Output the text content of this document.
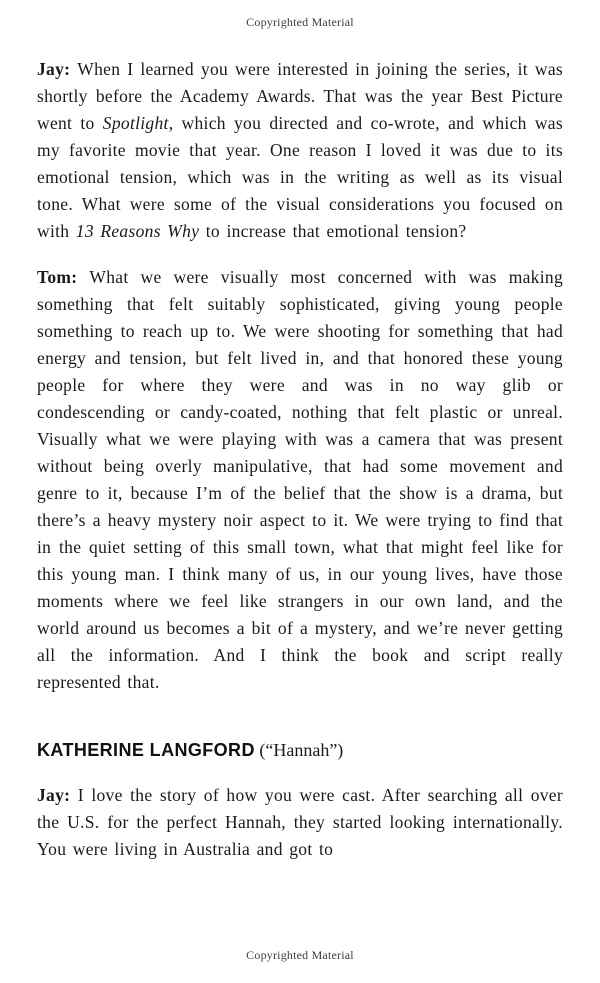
Copyrighted Material

Jay: When I learned you were interested in joining the series, it was shortly before the Academy Awards. That was the year Best Picture went to Spotlight, which you directed and co-wrote, and which was my favorite movie that year. One reason I loved it was due to its emotional tension, which was in the writing as well as its visual tone. What were some of the visual considerations you focused on with 13 Reasons Why to increase that emotional tension?

Tom: What we were visually most concerned with was making something that felt suitably sophisticated, giving young people something to reach up to. We were shooting for something that had energy and tension, but felt lived in, and that honored these young people for where they were and was in no way glib or condescending or candy-coated, nothing that felt plastic or unreal. Visually what we were playing with was a camera that was present without being overly manipulative, that had some movement and genre to it, because I’m of the belief that the show is a drama, but there’s a heavy mystery noir aspect to it. We were trying to find that in the quiet setting of this small town, what that might feel like for this young man. I think many of us, in our young lives, have those moments where we feel like strangers in our own land, and the world around us becomes a bit of a mystery, and we’re never getting all the information. And I think the book and script really represented that.

KATHERINE LANGFORD (“Hannah”)

Jay: I love the story of how you were cast. After searching all over the U.S. for the perfect Hannah, they started looking internationally. You were living in Australia and got to

Copyrighted Material
